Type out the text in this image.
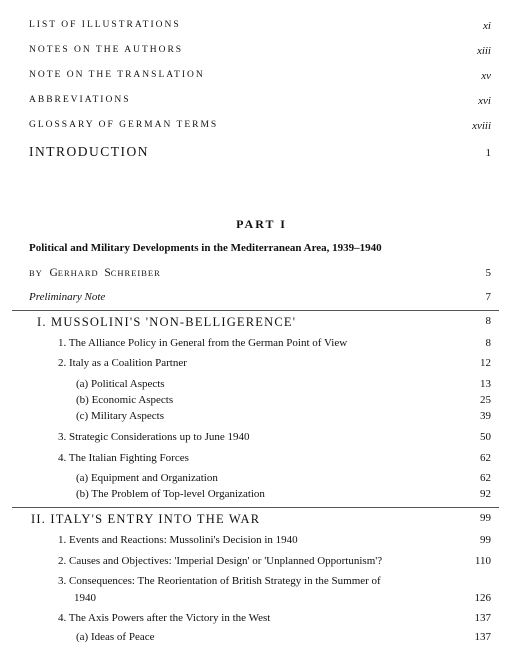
LIST OF ILLUSTRATIONS	xi
NOTES ON THE AUTHORS	xiii
NOTE ON THE TRANSLATION	xv
ABBREVIATIONS	xvi
GLOSSARY OF GERMAN TERMS	xviii
INTRODUCTION	1
PART I
Political and Military Developments in the Mediterranean Area, 1939–1940
BY GERHARD SCHREIBER	5
Preliminary Note	7
I. MUSSOLINI'S 'NON-BELLIGERENCE'	8
1. The Alliance Policy in General from the German Point of View	8
2. Italy as a Coalition Partner	12
(a) Political Aspects	13
(b) Economic Aspects	25
(c) Military Aspects	39
3. Strategic Considerations up to June 1940	50
4. The Italian Fighting Forces	62
(a) Equipment and Organization	62
(b) The Problem of Top-level Organization	92
II. ITALY'S ENTRY INTO THE WAR	99
1. Events and Reactions: Mussolini's Decision in 1940	99
2. Causes and Objectives: 'Imperial Design' or 'Unplanned Opportunism'?	110
3. Consequences: The Reorientation of British Strategy in the Summer of
1940	126
4. The Axis Powers after the Victory in the West	137
(a) Ideas of Peace	137
